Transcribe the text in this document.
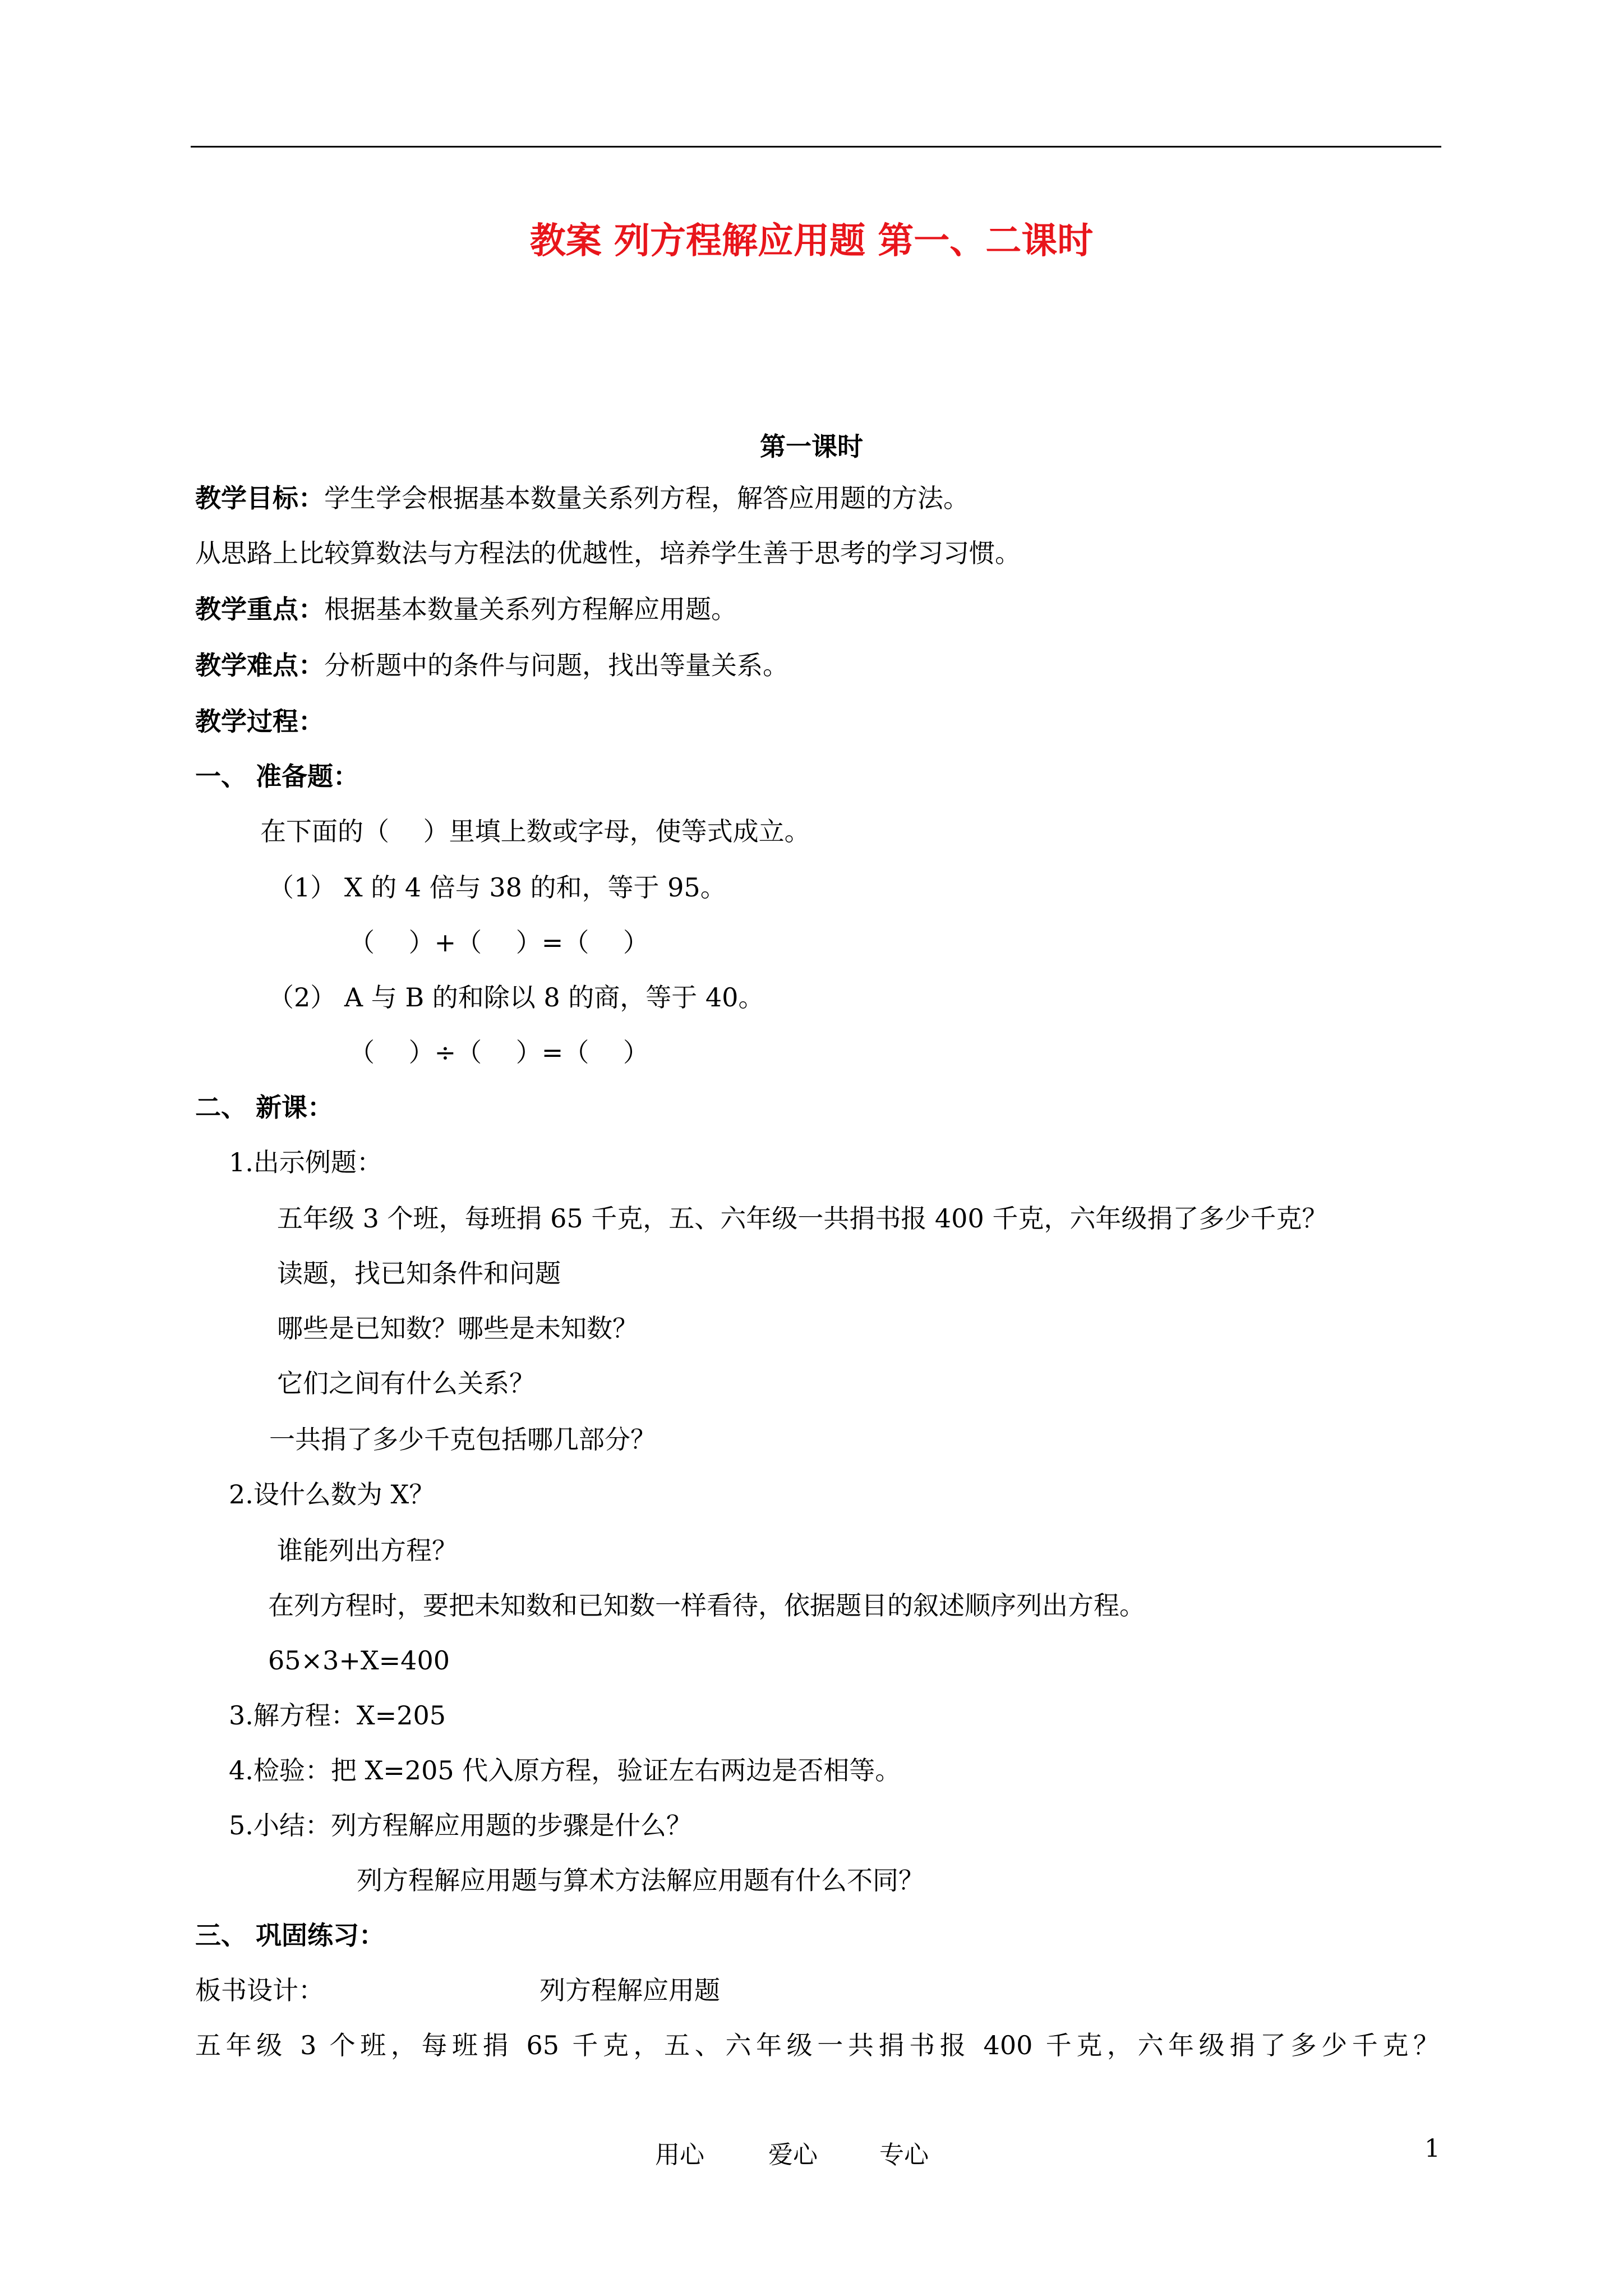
教案 列方程解应用题 第一、二课时
第一课时
教学目标：学生学会根据基本数量关系列方程，解答应用题的方法。
从思路上比较算数法与方程法的优越性，培养学生善于思考的学习习惯。
教学重点：根据基本数量关系列方程解应用题。
教学难点：分析题中的条件与问题，找出等量关系。
教学过程：
一、 准备题：
在下面的（　 ）里填上数或字母，使等式成立。
（1） X 的 4 倍与 38 的和，等于 95。
（　 ）+（　 ）=（　 ）
（2） A 与 B 的和除以 8 的商，等于 40。
（　 ）÷（　 ）=（　 ）
二、 新课：
1.出示例题：
五年级 3 个班，每班捐 65 千克，五、六年级一共捐书报 400 千克，六年级捐了多少千克？
读题，找已知条件和问题
哪些是已知数？哪些是未知数？
它们之间有什么关系？
一共捐了多少千克包括哪几部分？
2.设什么数为 X？
谁能列出方程？
在列方程时，要把未知数和已知数一样看待，依据题目的叙述顺序列出方程。
65×3+X=400
3.解方程：X=205
4.检验：把 X=205 代入原方程，验证左右两边是否相等。
5.小结：列方程解应用题的步骤是什么？
列方程解应用题与算术方法解应用题有什么不同？
三、 巩固练习：
板书设计：	列方程解应用题
五年级 3 个班，每班捐 65 千克，五、六年级一共捐书报 400 千克，六年级捐了多少千克？
用心	爱心	专心	1
